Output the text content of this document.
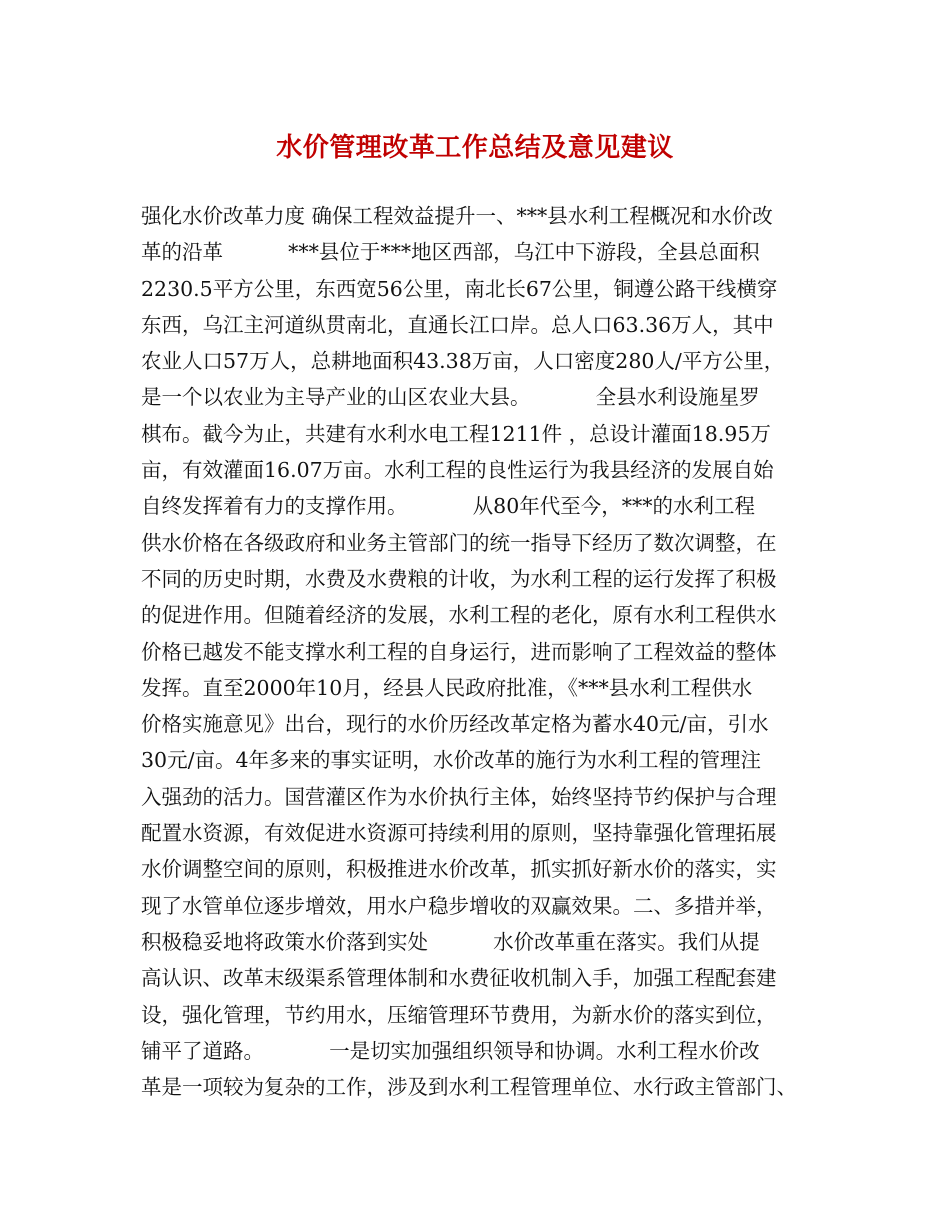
水价管理改革工作总结及意见建议
强化水价改革力度 确保工程效益提升一、***县水利工程概况和水价改
革的沿革          ***县位于***地区西部，乌江中下游段，全县总面积
2230.5平方公里，东西宽56公里，南北长67公里，铜遵公路干线横穿
东西，乌江主河道纵贯南北，直通长江口岸。总人口63.36万人，其中
农业人口57万人，总耕地面积43.38万亩，人口密度280人/平方公里，
是一个以农业为主导产业的山区农业大县。          全县水利设施星罗
棋布。截今为止，共建有水利水电工程1211件 ，总设计灌面18.95万
亩，有效灌面16.07万亩。水利工程的良性运行为我县经济的发展自始
自终发挥着有力的支撑作用。          从80年代至今，***的水利工程
供水价格在各级政府和业务主管部门的统一指导下经历了数次调整，在
不同的历史时期，水费及水费粮的计收，为水利工程的运行发挥了积极
的促进作用。但随着经济的发展，水利工程的老化，原有水利工程供水
价格已越发不能支撑水利工程的自身运行，进而影响了工程效益的整体
发挥。直至2000年10月，经县人民政府批准，《***县水利工程供水
价格实施意见》出台，现行的水价历经改革定格为蓄水40元/亩，引水
30元/亩。4年多来的事实证明，水价改革的施行为水利工程的管理注
入强劲的活力。国营灌区作为水价执行主体，始终坚持节约保护与合理
配置水资源，有效促进水资源可持续利用的原则，坚持靠强化管理拓展
水价调整空间的原则，积极推进水价改革，抓实抓好新水价的落实，实
现了水管单位逐步增效，用水户稳步增收的双赢效果。二、多措并举，
积极稳妥地将政策水价落到实处          水价改革重在落实。我们从提
高认识、改革末级渠系管理体制和水费征收机制入手，加强工程配套建
设，强化管理，节约用水，压缩管理环节费用，为新水价的落实到位，
铺平了道路。          一是切实加强组织领导和协调。水利工程水价改
革是一项较为复杂的工作，涉及到水利工程管理单位、水行政主管部门、
